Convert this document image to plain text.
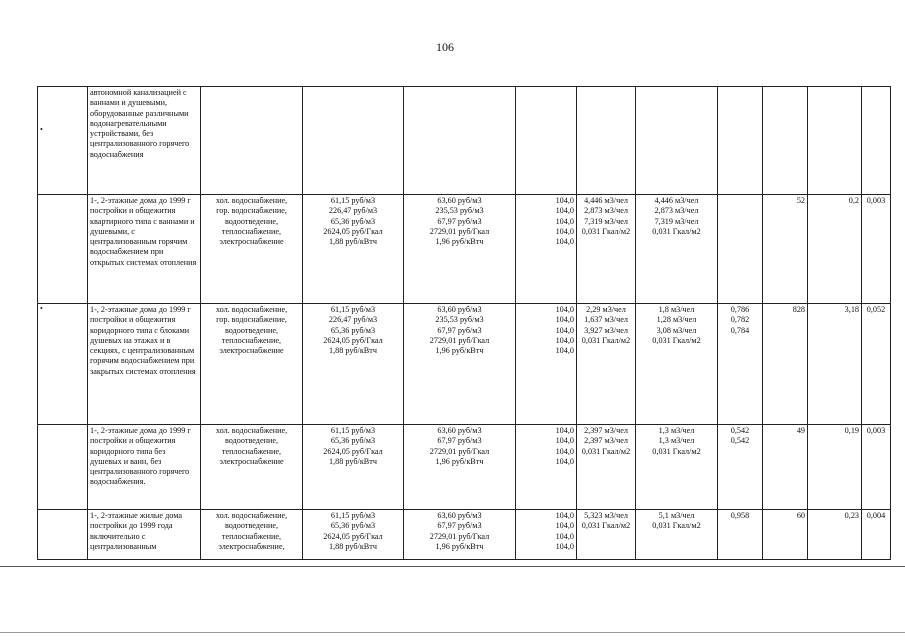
106
•	автономной канализацией с ваннами и душевыми, оборудованные различными водонагревательными устройствами, без централизованного горячего водоснабжения										

	1-, 2-этажные дома до 1999 г постройки и общежития квартирного типа с ваннами и душевыми, с централизованным горячим водоснабжением при открытых системах отопления	хол. водоснабжение,
гор. водоснабжение,
водоотведение,
теплоснабжение,
электроснабжение	61,15 руб/м3
226,47 руб/м3
65,36 руб/м3
2624,05 руб/Гкал
1,88 руб/кВтч	63,60 руб/м3
235,53 руб/м3
67,97 руб/м3
2729,01 руб/Гкал
1,96 руб/кВтч	104,0
104,0
104,0
104,0
104,0	4,446 м3/чел
2,873 м3/чел
7,319 м3/чел
0,031 Гкал/м2	4,446 м3/чел
2,873 м3/чел
7,319 м3/чел
0,031 Гкал/м2		52	0,2	0,003

•	1-, 2-этажные дома до 1999 г постройки и общежития коридорного типа с блоками душевых на этажах и в секциях, с централизованным горячим водоснабжением при закрытых системах отопления	хол. водоснабжение,
гор. водоснабжение,
водоотведение,
теплоснабжение,
электроснабжение	61,15 руб/м3
226,47 руб/м3
65,36 руб/м3
2624,05 руб/Гкал
1,88 руб/кВтч	63,60 руб/м3
235,53 руб/м3
67,97 руб/м3
2729,01 руб/Гкал
1,96 руб/кВтч	104,0
104,0
104,0
104,0
104,0	2,29 м3/чел
1,637 м3/чел
3,927 м3/чел
0,031 Гкал/м2	1,8 м3/чел
1,28 м3/чел
3,08 м3/чел
0,031 Гкал/м2	0,786
0,782
0,784	828	3,18	0,052

	1-, 2-этажные дома до 1999 г постройки и общежития коридорного типа без душевых и ванн, без централизованного горячего водоснабжения.	хол. водоснабжение,
водоотведение,
теплоснабжение,
электроснабжение	61,15 руб/м3
65,36 руб/м3
2624,05 руб/Гкал
1,88 руб/кВтч	63,60 руб/м3
67,97 руб/м3
2729,01 руб/Гкал
1,96 руб/кВтч	104,0
104,0
104,0
104,0	2,397 м3/чел
2,397 м3/чел
0,031 Гкал/м2	1,3 м3/чел
1,3 м3/чел
0,031 Гкал/м2	0,542
0,542	49	0,19	0,003

	1-, 2-этажные жилые дома постройки до 1999 года включительно с централизованным	хол. водоснабжение,
водоотведение,
теплоснабжение,
электроснабжение,	61,15 руб/м3
65,36 руб/м3
2624,05 руб/Гкал
1,88 руб/кВтч	63,60 руб/м3
67,97 руб/м3
2729,01 руб/Гкал
1,96 руб/кВтч	104,0
104,0
104,0
104,0	5,323 м3/чел
0,031 Гкал/м2	5,1 м3/чел
0,031 Гкал/м2	0,958	60	0,23	0,004
